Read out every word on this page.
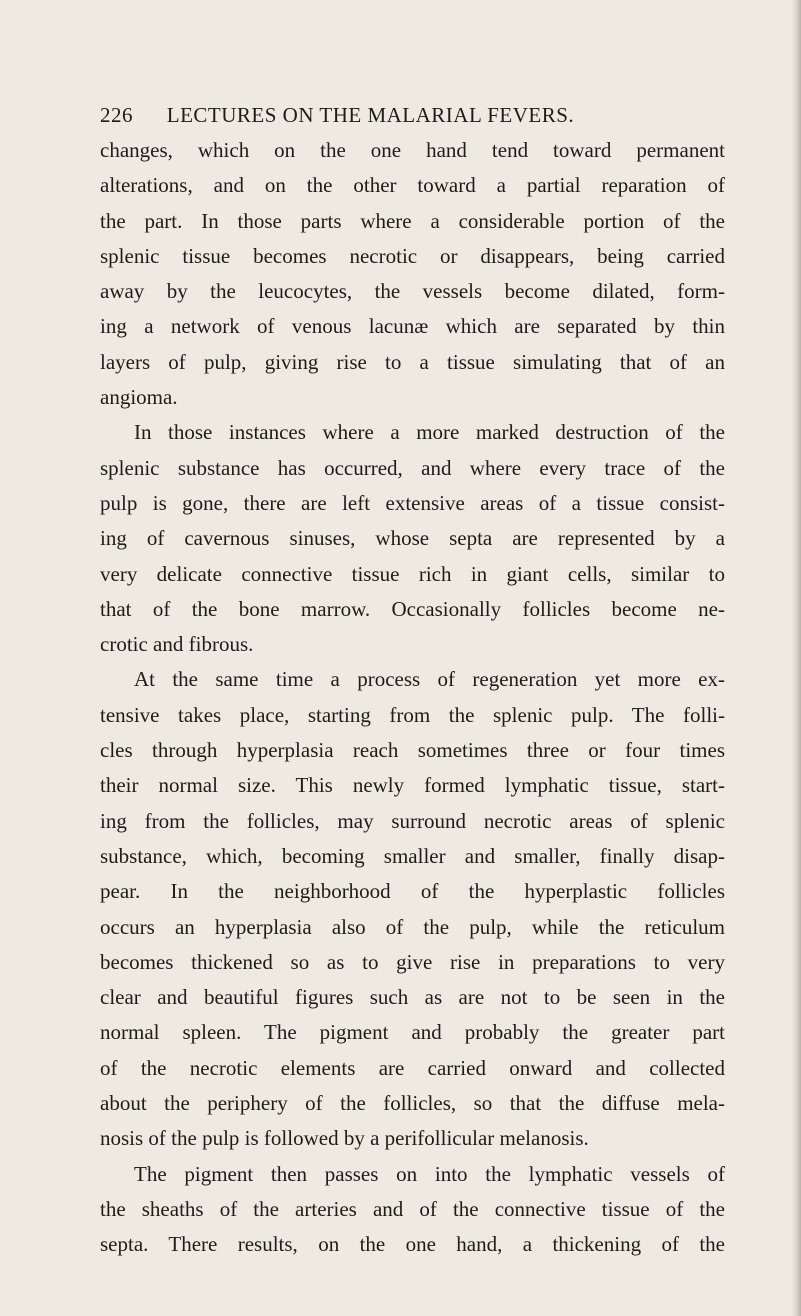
226 LECTURES ON THE MALARIAL FEVERS.
changes, which on the one hand tend toward permanent
alterations, and on the other toward a partial reparation of
the part. In those parts where a considerable portion of the
splenic tissue becomes necrotic or disappears, being carried
away by the leucocytes, the vessels become dilated, form-
ing a network of venous lacunæ which are separated by thin
layers of pulp, giving rise to a tissue simulating that of an
angioma.
In those instances where a more marked destruction of the
splenic substance has occurred, and where every trace of the
pulp is gone, there are left extensive areas of a tissue consist-
ing of cavernous sinuses, whose septa are represented by a
very delicate connective tissue rich in giant cells, similar to
that of the bone marrow. Occasionally follicles become ne-
crotic and fibrous.
At the same time a process of regeneration yet more ex-
tensive takes place, starting from the splenic pulp. The folli-
cles through hyperplasia reach sometimes three or four times
their normal size. This newly formed lymphatic tissue, start-
ing from the follicles, may surround necrotic areas of splenic
substance, which, becoming smaller and smaller, finally disap-
pear. In the neighborhood of the hyperplastic follicles
occurs an hyperplasia also of the pulp, while the reticulum
becomes thickened so as to give rise in preparations to very
clear and beautiful figures such as are not to be seen in the
normal spleen. The pigment and probably the greater part
of the necrotic elements are carried onward and collected
about the periphery of the follicles, so that the diffuse mela-
nosis of the pulp is followed by a perifollicular melanosis.
The pigment then passes on into the lymphatic vessels of
the sheaths of the arteries and of the connective tissue of the
septa. There results, on the one hand, a thickening of the
